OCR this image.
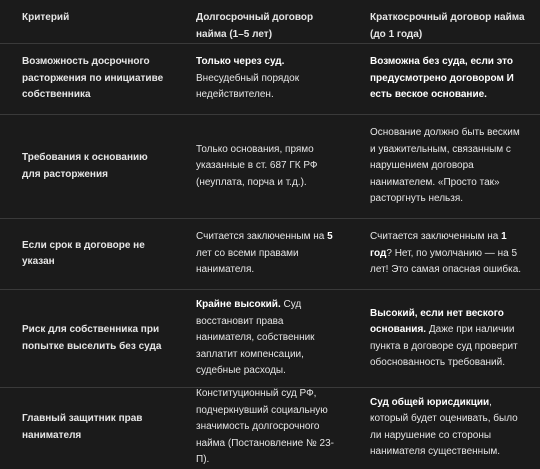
Критерий	Долгосрочный договор найма (1–5 лет)
Краткосрочный договор найма (до 1 года)
Возможность досрочного расторжения по инициативе собственника
Только через суд. Внесудебный порядок недействителен.
Возможна без суда, если это предусмотрено договором И есть веское основание.
Требования к основанию для расторжения
Только основания, прямо указанные в ст. 687 ГК РФ (неуплата, порча и т.д.).
Основание должно быть веским и уважительным, связанным с нарушением договора нанимателем. «Просто так» расторгнуть нельзя.
Если срок в договоре не указан
Считается заключенным на 5 лет со всеми правами нанимателя.
Считается заключенным на 1 год? Нет, по умолчанию — на 5 лет! Это самая опасная ошибка.
Риск для собственника при попытке выселить без суда
Крайне высокий. Суд восстановит права нанимателя, собственник заплатит компенсации, судебные расходы.
Высокий, если нет веского основания. Даже при наличии пункта в договоре суд проверит обоснованность требований.
Главный защитник прав нанимателя
Конституционный суд РФ, подчеркнувший социальную значимость долгосрочного найма (Постановление № 23-П).
Суд общей юрисдикции, который будет оценивать, было ли нарушение со стороны нанимателя существенным.
